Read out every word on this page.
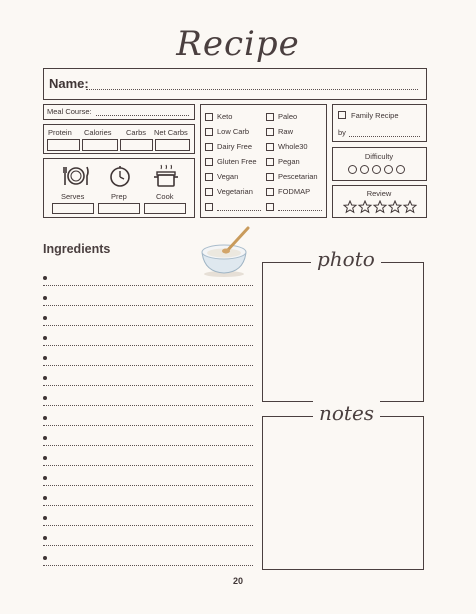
Recipe
Name:
Meal Course:
Protein Calories Carbs Net Carbs
Serves	Prep	Cook
Keto
Low Carb
Dairy Free
Gluten Free
Vegan
Vegetarian
Paleo
Raw
Whole30
Pegan
Pescetarian
FODMAP
Family Recipe
by
Difficulty
Review
Ingredients	photo
notes
20
